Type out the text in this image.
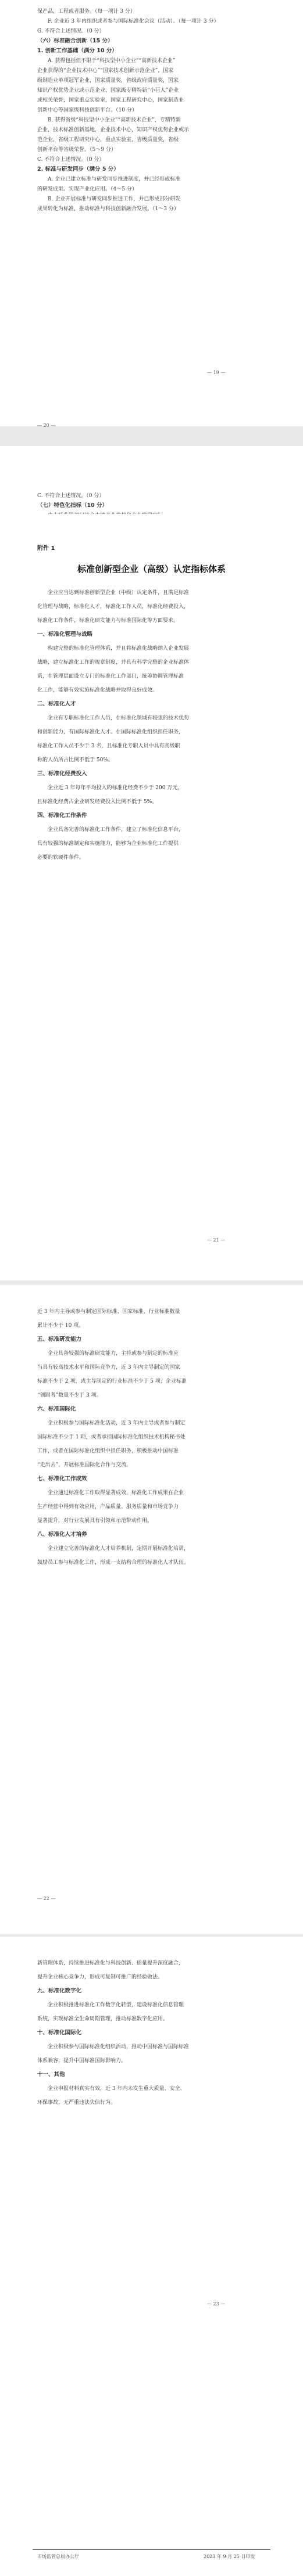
保产品，工程或者服务。（每一项计 3 分）
F. 企业近 3 年内组织或者参与国际标准化会议（活动）。（每一项计 3 分）
G. 不符合上述情况。（0 分）
（六）标准融合创新（15 分）
1. 创新工作基础（满分 10 分）
A. 获得包括但不限于“科技型中小企业”“高新技术企业”
企业获得的“企业技术中心”“国家技术创新示范企业”，国家
级制造业单项冠军企业，国家质量奖，省级政府质量奖，国家
知识产权优势企业或示范企业，国家级专精特新“小巨人”企业
或相关荣誉，国家重点实验室，国家工程研究中心，国家制造业
创新中心等国家级科技创新平台。（10 分）
B. 获得省级“科技型中小企业”“高新技术企业”，专精特新
企业，技术标准创新基地，企业技术中心，知识产权优势企业或示
范企业，省级工程研究中心，重点实验室，省级质量奖，省级
创新平台等省级荣誉。（5～9 分）
C. 不符合上述情况。（0 分）
2. 标准与研发同步（满分 5 分）
A. 企业已建立标准与研发同步推进制度，并已经形成标准
的研发成果。实现产业化应用。（4～5 分）
B. 企业开展标准与研发同步推进工作，并已形成部分研发
成果转化为标准，推动标准与科技创新融合发展。（1～3 分）
— 19 —
C. 不符合上述情况。（0 分）
（七）特色化指标（10 分）
— 20 —
附件 1
标准创新型企业（高级）认定指标体系
企业应当达到标准创新型企业（中级）认定条件，且满足标准
化管理与战略，标准化人才，标准化工作人员，标准化经费投入，
标准化工作条件，标准化研发能力与标准国际化等方面要求。
一、标准化管理与战略
构建完整的标准化管理体系，并且将标准化战略纳入企业发展
战略，建立标准化工作的规章制度，并具有科学完整的企业标准体
系，在管理层面设立专门的标准化工作部门，统筹协调管理标准
化工作，能够有效实施标准化战略并取得良好成效。
二、标准化人才
企业有专职标准化工作人员，在标准化领域有较强的技术优势
和创新能力，有国际标准化人才。在国际标准化组织担任职务，
标准化工作人员不少于 3 名，且标准化专职人员中具有高级职
称的人员所占比例不低于 50%。
三、标准化经费投入
企业近 3 年每年平均投入的标准化经费不少于 200 万元，
且标准化经费占企业研发经费投入比例不低于 5%。
四、标准化工作条件
企业具备完善的标准化工作条件，建立了标准化信息平台，
具有较强的标准制定和实施能力，能够为企业标准化工作提供
必要的软硬件条件。
— 21 —
近 3 年内主导或参与制定国际标准、国家标准、行业标准数量
累计不少于 10 项。
五、标准研发能力
企业具备较强的标准研发能力，主持或参与制定的标准应
当具有较高技术水平和国际竞争力，近 3 年内主导制定的国家
标准不少于 2 项，或主导制定的行业标准不少于 5 项；企业标准
“领跑者”数量不少于 3 项。
六、标准国际化
企业积极参与国际标准化活动，近 3 年内主导或者参与制定
国际标准不少于 1 项，或者承担国际标准化组织技术机构秘书处
工作，或者在国际标准化组织中担任职务，积极推动中国标准
“走出去”，开展标准国际化合作与交流。
七、标准化工作成效
企业通过标准化工作取得显著成效，标准化工作成果在企业
生产经营中得到有效应用，产品质量、服务质量和市场竞争力
显著提升，对行业发展具有引领和示范带动作用。
八、标准化人才培养
企业建立完善的标准化人才培养机制，定期开展标准化培训，
鼓励员工参与标准化工作，形成一支结构合理的标准化人才队伍。
— 22 —
新管理体系，持续推进标准化与科技创新、质量提升深度融合，
提升企业核心竞争力，形成可复制可推广的经验做法。
九、标准化数字化
企业积极推进标准化工作数字化转型，建设标准化信息管理
系统，实现标准全生命周期管理，推动标准数字化应用。
十、标准化国际化
企业积极参与国际标准化组织活动，推动中国标准与国际标准
体系兼容，提升中国标准国际影响力。
十一、其他
企业申报材料真实有效，近 3 年内未发生重大质量、安全、
环保事故，无严重违法失信行为。
— 23 —
市场监管总局办公厅	2023 年 9 月 25 日印发
